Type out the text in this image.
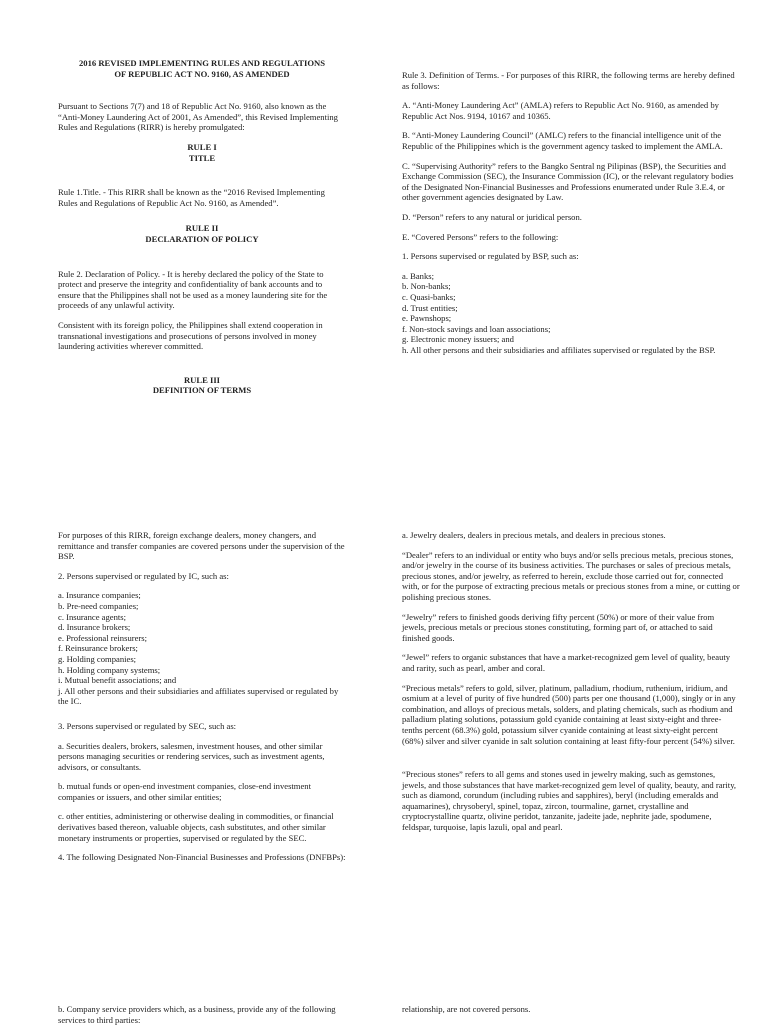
2016 REVISED IMPLEMENTING RULES AND REGULATIONS
OF REPUBLIC ACT NO. 9160, AS AMENDED

Pursuant to Sections 7(7) and 18 of Republic Act No. 9160, also known as the “Anti-Money Laundering Act of 2001, As Amended”, this Revised Implementing Rules and Regulations (RIRR) is hereby promulgated:

RULE I
TITLE

Rule 1.Title. - This RIRR shall be known as the “2016 Revised Implementing Rules and Regulations of Republic Act No. 9160, as Amended”.

RULE II
DECLARATION OF POLICY

Rule 2. Declaration of Policy. - It is hereby declared the policy of the State to protect and preserve the integrity and confidentiality of bank accounts and to ensure that the Philippines shall not be used as a money laundering site for the proceeds of any unlawful activity.

Consistent with its foreign policy, the Philippines shall extend cooperation in transnational investigations and prosecutions of persons involved in money laundering activities wherever committed.

RULE III
DEFINITION OF TERMS

Rule 3. Definition of Terms. - For purposes of this RIRR, the following terms are hereby defined as follows:

A. “Anti-Money Laundering Act” (AMLA) refers to Republic Act No. 9160, as amended by Republic Act Nos. 9194, 10167 and 10365.

B. “Anti-Money Laundering Council” (AMLC) refers to the financial intelligence unit of the Republic of the Philippines which is the government agency tasked to implement the AMLA.

C. “Supervising Authority” refers to the Bangko Sentral ng Pilipinas (BSP), the Securities and Exchange Commission (SEC), the Insurance Commission (IC), or the relevant regulatory bodies of the Designated Non-Financial Businesses and Professions enumerated under Rule 3.E.4, or other government agencies designated by Law.

D. “Person” refers to any natural or juridical person.

E. “Covered Persons” refers to the following:

1. Persons supervised or regulated by BSP, such as:

a. Banks;
b. Non-banks;
c. Quasi-banks;
d. Trust entities;
e. Pawnshops;
f. Non-stock savings and loan associations;
g. Electronic money issuers; and
h. All other persons and their subsidiaries and affiliates supervised or regulated by the BSP.

For purposes of this RIRR, foreign exchange dealers, money changers, and remittance and transfer companies are covered persons under the supervision of the BSP.

2. Persons supervised or regulated by IC, such as:

a. Insurance companies;
b. Pre-need companies;
c. Insurance agents;
d. Insurance brokers;
e. Professional reinsurers;
f. Reinsurance brokers;
g. Holding companies;
h. Holding company systems;
i. Mutual benefit associations; and
j. All other persons and their subsidiaries and affiliates supervised or regulated by the IC.

3. Persons supervised or regulated by SEC, such as:

a. Securities dealers, brokers, salesmen, investment houses, and other similar persons managing securities or rendering services, such as investment agents, advisors, or consultants.

b. mutual funds or open-end investment companies, close-end investment companies or issuers, and other similar entities;

c. other entities, administering or otherwise dealing in commodities, or financial derivatives based thereon, valuable objects, cash substitutes, and other similar monetary instruments or properties, supervised or regulated by the SEC.

4. The following Designated Non-Financial Businesses and Professions (DNFBPs):

a. Jewelry dealers, dealers in precious metals, and dealers in precious stones.

“Dealer” refers to an individual or entity who buys and/or sells precious metals, precious stones, and/or jewelry in the course of its business activities. The purchases or sales of precious metals, precious stones, and/or jewelry, as referred to herein, exclude those carried out for, connected with, or for the purpose of extracting precious metals or precious stones from a mine, or cutting or polishing precious stones.

“Jewelry” refers to finished goods deriving fifty percent (50%) or more of their value from jewels, precious metals or precious stones constituting, forming part of, or attached to said finished goods.

“Jewel” refers to organic substances that have a market-recognized gem level of quality, beauty and rarity, such as pearl, amber and coral.

“Precious metals” refers to gold, silver, platinum, palladium, rhodium, ruthenium, iridium, and osmium at a level of purity of five hundred (500) parts per one thousand (1,000), singly or in any combination, and alloys of precious metals, solders, and plating chemicals, such as rhodium and palladium plating solutions, potassium gold cyanide containing at least sixty-eight and three-tenths percent (68.3%) gold, potassium silver cyanide containing at least sixty-eight percent (68%) silver and silver cyanide in salt solution containing at least fifty-four percent (54%) silver.

“Precious stones” refers to all gems and stones used in jewelry making, such as gemstones, jewels, and those substances that have market-recognized gem level of quality, beauty, and rarity, such as diamond, corundum (including rubies and sapphires), beryl (including emeralds and aquamarines), chrysoberyl, spinel, topaz, zircon, tourmaline, garnet, crystalline and cryptocrystalline quartz, olivine peridot, tanzanite, jadeite jade, nephrite jade, spodumene, feldspar, turquoise, lapis lazuli, opal and pearl.

b. Company service providers which, as a business, provide any of the following services to third parties:

relationship, are not covered persons.
